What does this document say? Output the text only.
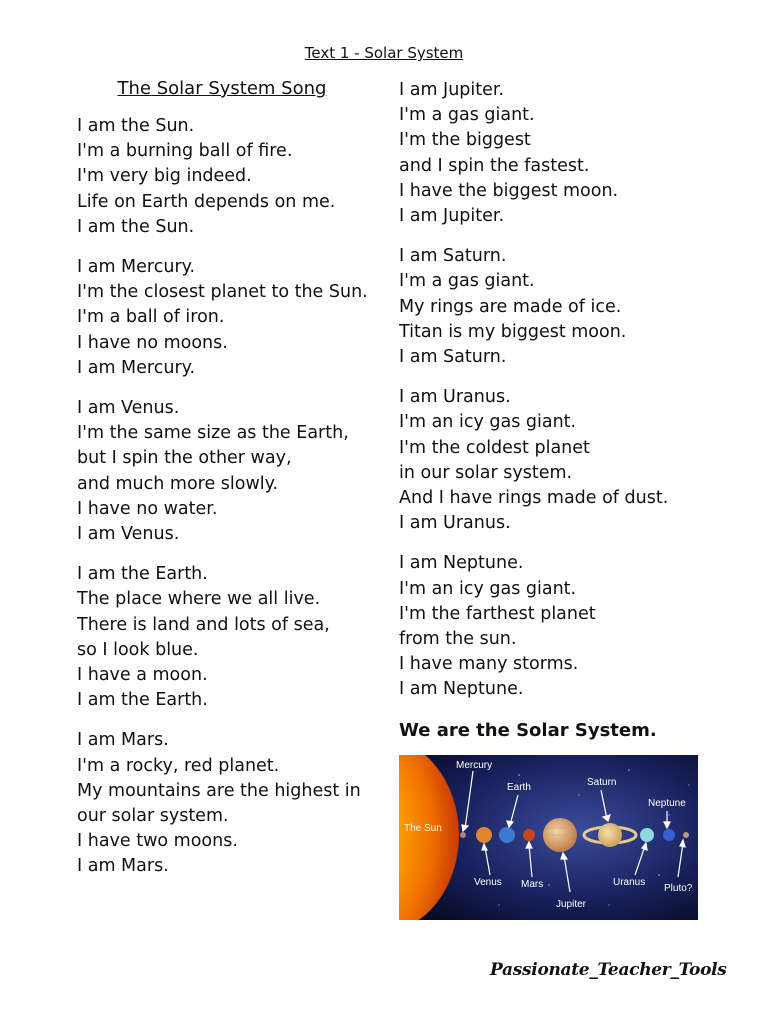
Text 1 - Solar System
The Solar System Song
I am the Sun.
I'm a burning ball of fire.
I'm very big indeed.
Life on Earth depends on me.
I am the Sun.
I am Mercury.
I'm the closest planet to the Sun.
I'm a ball of iron.
I have no moons.
I am Mercury.
I am Venus.
I'm the same size as the Earth,
but I spin the other way,
and much more slowly.
I have no water.
I am Venus.
I am the Earth.
The place where we all live.
There is land and lots of sea,
so I look blue.
I have a moon.
I am the Earth.
I am Mars.
I'm a rocky, red planet.
My mountains are the highest in
our solar system.
I have two moons.
I am Mars.
I am Jupiter.
I'm a gas giant.
I'm the biggest
and I spin the fastest.
I have the biggest moon.
I am Jupiter.
I am Saturn.
I'm a gas giant.
My rings are made of ice.
Titan is my biggest moon.
I am Saturn.
I am Uranus.
I'm an icy gas giant.
I'm the coldest planet
in our solar system.
And I have rings made of dust.
I am Uranus.
I am Neptune.
I'm an icy gas giant.
I'm the farthest planet
from the sun.
I have many storms.
I am Neptune.
We are the Solar System.
The Sun
Mercury
Earth	Saturn
Neptune
Venus Mars
Jupiter
Uranus
Pluto?
Passionate_Teacher_Tools
